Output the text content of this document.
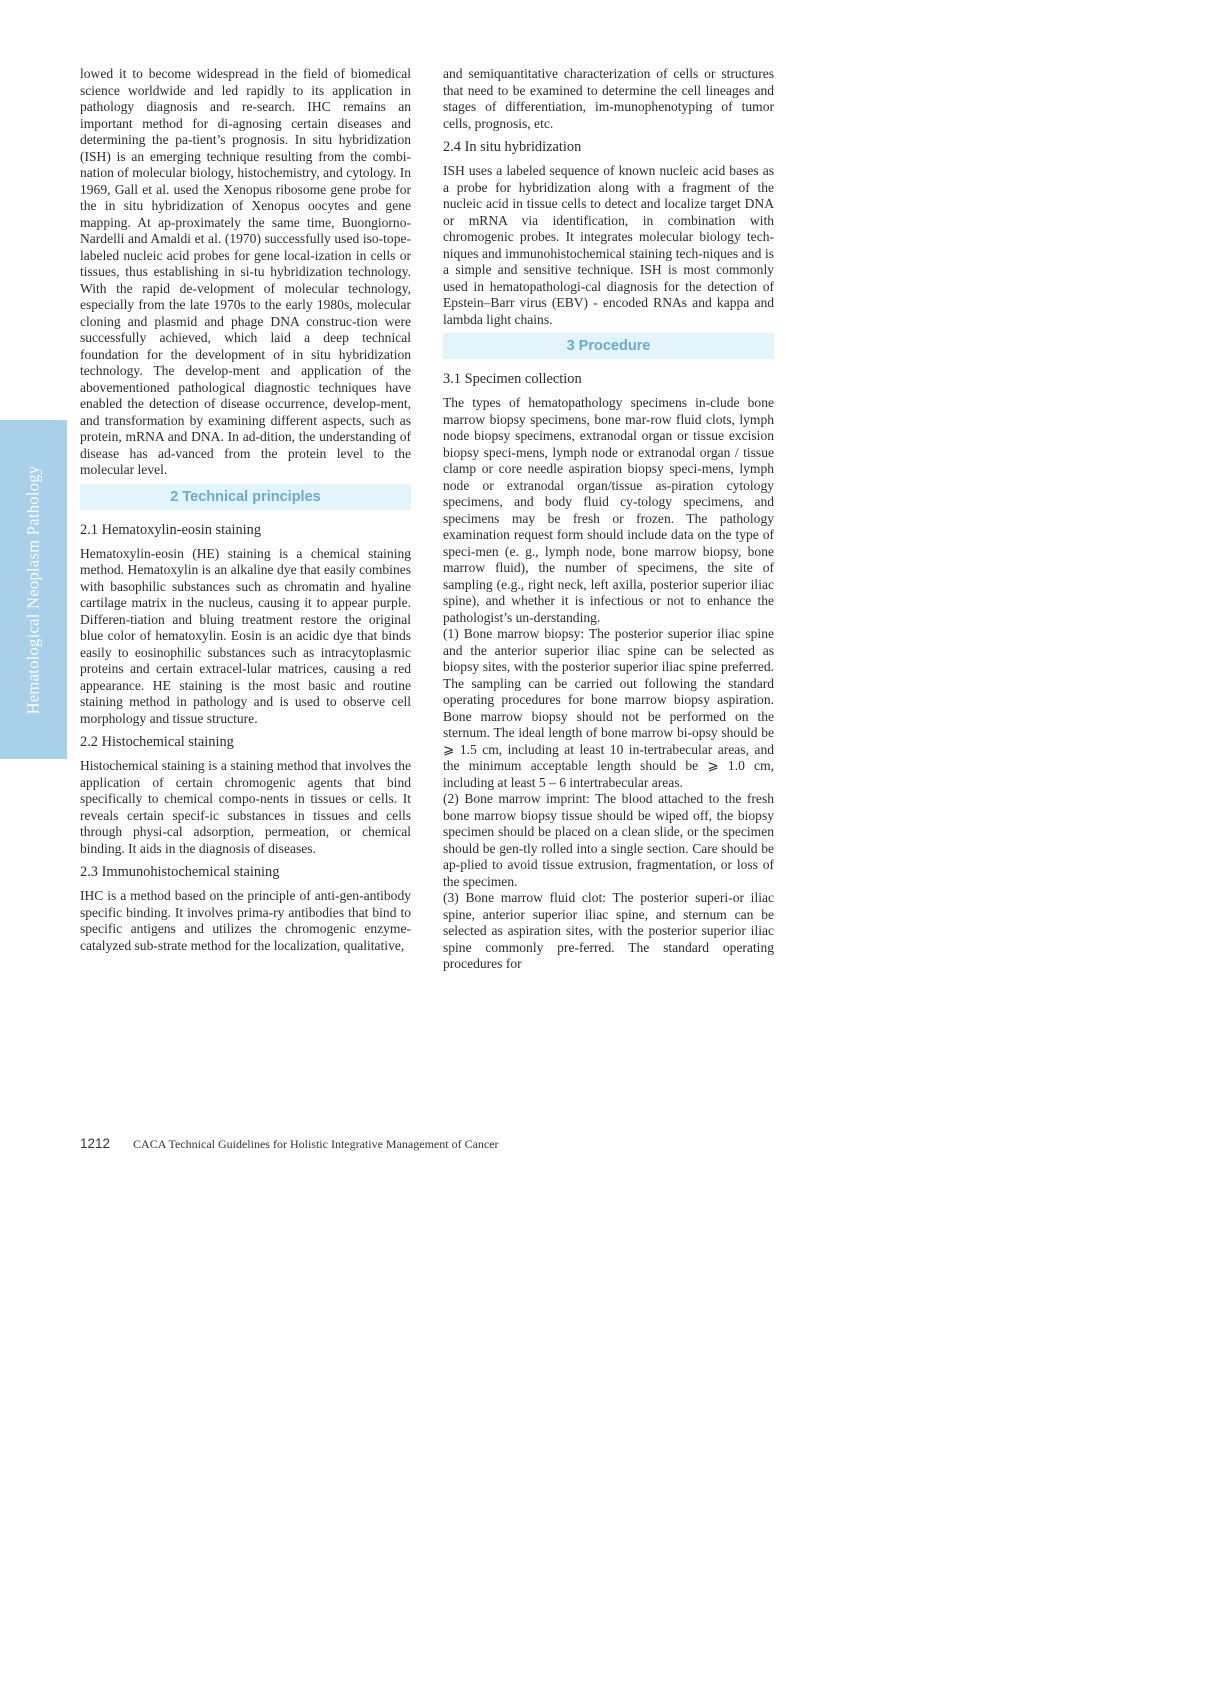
Hematological Neoplasm Pathology

lowed it to become widespread in the field of biomedical science worldwide and led rapidly to its application in pathology diagnosis and re-search. IHC remains an important method for di-agnosing certain diseases and determining the pa-tient’s prognosis. In situ hybridization (ISH) is an emerging technique resulting from the combi-nation of molecular biology, histochemistry, and cytology. In 1969, Gall et al. used the Xenopus ribosome gene probe for the in situ hybridization of Xenopus oocytes and gene mapping. At ap-proximately the same time, Buongiorno-Nardelli and Amaldi et al. (1970) successfully used iso-tope-labeled nucleic acid probes for gene local-ization in cells or tissues, thus establishing in si-tu hybridization technology. With the rapid de-velopment of molecular technology, especially from the late 1970s to the early 1980s, molecular cloning and plasmid and phage DNA construc-tion were successfully achieved, which laid a deep technical foundation for the development of in situ hybridization technology. The develop-ment and application of the abovementioned pathological diagnostic techniques have enabled the detection of disease occurrence, develop-ment, and transformation by examining different aspects, such as protein, mRNA and DNA. In ad-dition, the understanding of disease has ad-vanced from the protein level to the molecular level.

2 Technical principles
2.1 Hematoxylin-eosin staining

Hematoxylin-eosin (HE) staining is a chemical staining method. Hematoxylin is an alkaline dye that easily combines with basophilic substances such as chromatin and hyaline cartilage matrix in the nucleus, causing it to appear purple. Differen-tiation and bluing treatment restore the original blue color of hematoxylin. Eosin is an acidic dye that binds easily to eosinophilic substances such as intracytoplasmic proteins and certain extracel-lular matrices, causing a red appearance. HE staining is the most basic and routine staining method in pathology and is used to observe cell morphology and tissue structure.

2.2 Histochemical staining

Histochemical staining is a staining method that involves the application of certain chromogenic agents that bind specifically to chemical compo-nents in tissues or cells. It reveals certain specif-ic substances in tissues and cells through physi-cal adsorption, permeation, or chemical binding. It aids in the diagnosis of diseases.

2.3 Immunohistochemical staining

IHC is a method based on the principle of anti-gen-antibody specific binding. It involves prima-ry antibodies that bind to specific antigens and utilizes the chromogenic enzyme-catalyzed sub-strate method for the localization, qualitative,

and semiquantitative characterization of cells or structures that need to be examined to determine the cell lineages and stages of differentiation, im-munophenotyping of tumor cells, prognosis, etc.

2.4 In situ hybridization

ISH uses a labeled sequence of known nucleic acid bases as a probe for hybridization along with a fragment of the nucleic acid in tissue cells to detect and localize target DNA or mRNA via identification, in combination with chromogenic probes. It integrates molecular biology tech-niques and immunohistochemical staining tech-niques and is a simple and sensitive technique. ISH is most commonly used in hematopathologi-cal diagnosis for the detection of Epstein–Barr virus (EBV) - encoded RNAs and kappa and lambda light chains.

3 Procedure
3.1 Specimen collection

The types of hematopathology specimens in-clude bone marrow biopsy specimens, bone mar-row fluid clots, lymph node biopsy specimens, extranodal organ or tissue excision biopsy speci-mens, lymph node or extranodal organ / tissue clamp or core needle aspiration biopsy speci-mens, lymph node or extranodal organ/tissue as-piration cytology specimens, and body fluid cy-tology specimens, and specimens may be fresh or frozen. The pathology examination request form should include data on the type of speci-men (e. g., lymph node, bone marrow biopsy, bone marrow fluid), the number of specimens, the site of sampling (e.g., right neck, left axilla, posterior superior iliac spine), and whether it is infectious or not to enhance the pathologist’s un-derstanding.

(1) Bone marrow biopsy: The posterior superior iliac spine and the anterior superior iliac spine can be selected as biopsy sites, with the posterior superior iliac spine preferred. The sampling can be carried out following the standard operating procedures for bone marrow biopsy aspiration. Bone marrow biopsy should not be performed on the sternum. The ideal length of bone marrow bi-opsy should be ⩾ 1.5 cm, including at least 10 in-tertrabecular areas, and the minimum acceptable length should be ⩾ 1.0 cm, including at least 5 – 6 intertrabecular areas.

(2) Bone marrow imprint: The blood attached to the fresh bone marrow biopsy tissue should be wiped off, the biopsy specimen should be placed on a clean slide, or the specimen should be gen-tly rolled into a single section. Care should be ap-plied to avoid tissue extrusion, fragmentation, or loss of the specimen.

(3) Bone marrow fluid clot: The posterior superi-or iliac spine, anterior superior iliac spine, and sternum can be selected as aspiration sites, with the posterior superior iliac spine commonly pre-ferred. The standard operating procedures for

1212 CACA Technical Guidelines for Holistic Integrative Management of Cancer
